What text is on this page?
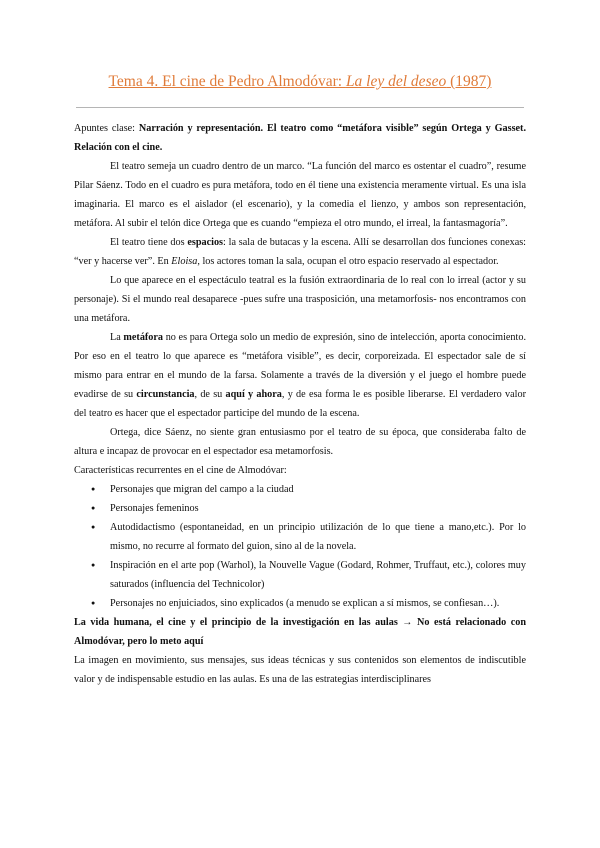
Tema 4. El cine de Pedro Almodóvar: La ley del deseo (1987)

Apuntes clase: Narración y representación. El teatro como “metáfora visible” según Ortega y Gasset. Relación con el cine.

El teatro semeja un cuadro dentro de un marco. “La función del marco es ostentar el cuadro”, resume Pilar Sáenz. Todo en el cuadro es pura metáfora, todo en él tiene una existencia meramente virtual. Es una isla imaginaria. El marco es el aislador (el escenario), y la comedia el lienzo, y ambos son representación, metáfora. Al subir el telón dice Ortega que es cuando “empieza el otro mundo, el irreal, la fantasmagoría”.

El teatro tiene dos espacios: la sala de butacas y la escena. Allí se desarrollan dos funciones conexas: “ver y hacerse ver”. En Eloisa, los actores toman la sala, ocupan el otro espacio reservado al espectador.

Lo que aparece en el espectáculo teatral es la fusión extraordinaria de lo real con lo irreal (actor y su personaje). Si el mundo real desaparece -pues sufre una trasposición, una metamorfosis- nos encontramos con una metáfora.

La metáfora no es para Ortega solo un medio de expresión, sino de intelección, aporta conocimiento. Por eso en el teatro lo que aparece es “metáfora visible”, es decir, corporeizada. El espectador sale de sí mismo para entrar en el mundo de la farsa. Solamente a través de la diversión y el juego el hombre puede evadirse de su circunstancia, de su aquí y ahora, y de esa forma le es posible liberarse. El verdadero valor del teatro es hacer que el espectador participe del mundo de la escena.

Ortega, dice Sáenz, no siente gran entusiasmo por el teatro de su época, que consideraba falto de altura e incapaz de provocar en el espectador esa metamorfosis.

Características recurrentes en el cine de Almodóvar:

● Personajes que migran del campo a la ciudad
● Personajes femeninos
● Autodidactismo (espontaneidad, en un principio utilización de lo que tiene a mano,etc.). Por lo mismo, no recurre al formato del guion, sino al de la novela.
● Inspiración en el arte pop (Warhol), la Nouvelle Vague (Godard, Rohmer, Truffaut, etc.), colores muy saturados (influencia del Technicolor)
● Personajes no enjuiciados, sino explicados (a menudo se explican a sí mismos, se confiesan…).

La vida humana, el cine y el principio de la investigación en las aulas → No está relacionado con Almodóvar, pero lo meto aquí

La imagen en movimiento, sus mensajes, sus ideas técnicas y sus contenidos son elementos de indiscutible valor y de indispensable estudio en las aulas. Es una de las estrategias interdisciplinares
